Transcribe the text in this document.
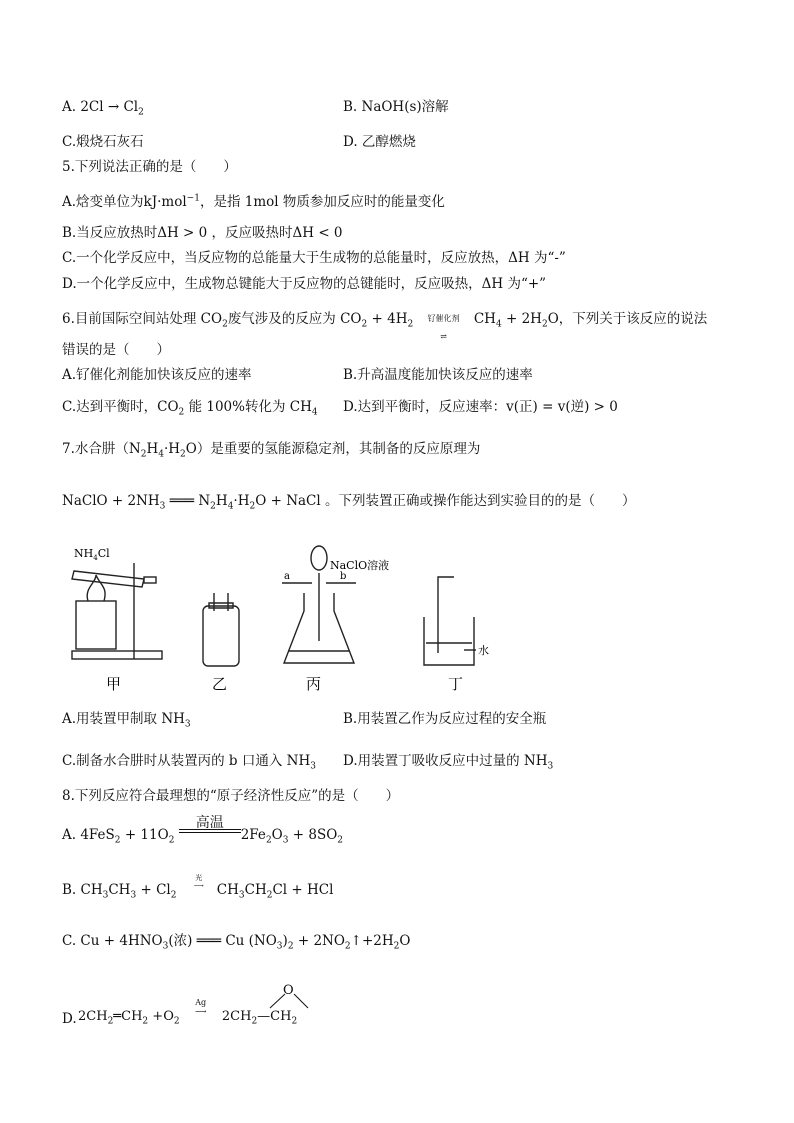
A. $2Cl \to Cl_2$	B. NaOH(s)溶解
C.煅烧石灰石	D. 乙醇燃烧
5.下列说法正确的是（　　）
A.焓变单位为kJ·mol$^{-1}$，是指 1mol 物质参加反应时的能量变化
B.当反应放热时ΔH > 0 ，反应吸热时ΔH < 0
C.一个化学反应中，当反应物的总能量大于生成物的总能量时，反应放热，ΔH 为“-”
D.一个化学反应中，生成物总键能大于反应物的总键能时，反应吸热，ΔH 为“+”
6.目前国际空间站处理 $CO_2$废气涉及的反应为 $CO_2 + 4H_2$ 钌催化剂
⇌ $CH_4 + 2H_2O$，下列关于该反应的说法
错误的是（　　）
A.钌催化剂能加快该反应的速率	B.升高温度能加快该反应的速率
C.达到平衡时，$CO_2$ 能 100%转化为 $CH_4$ D.达到平衡时，反应速率：v(正) = v(逆) > 0
7.水合肼$(N_2H_4\cdot H_2O)$是重要的氢能源稳定剂，其制备的反应原理为
NaClO + $2NH_3$ ═══ $N_2H_4\cdot H_2O$ + NaCl 。下列装置正确或操作能达到实验目的的是（　　）
$NH_4Cl$
NaClO溶液
a	b
水
甲	乙	丙	丁
A.用装置甲制取 $NH_3$	B.用装置乙作为反应过程的安全瓶
C.制备水合肼时从装置丙的 b 口通入 $NH_3$ D.用装置丁吸收反应中过量的 $NH_3$
8.下列反应符合最理想的“原子经济性反应”的是（　　）
A. $4FeS_2 + 11O_2$ 高温

$2Fe_2O_3 + 8SO_2$
B. $CH_3CH_3 + Cl_2$ 光
⟶ $CH_3CH_2Cl$ + HCl
C. $Cu + 4HNO_3$(浓) ═══ Cu $(NO_3)_2$ + $2NO_2↑+2H_2O$
D. $2CH_2═CH_2 +O_2$ Ag
⟶ $2CH_2—CH_2$
O
